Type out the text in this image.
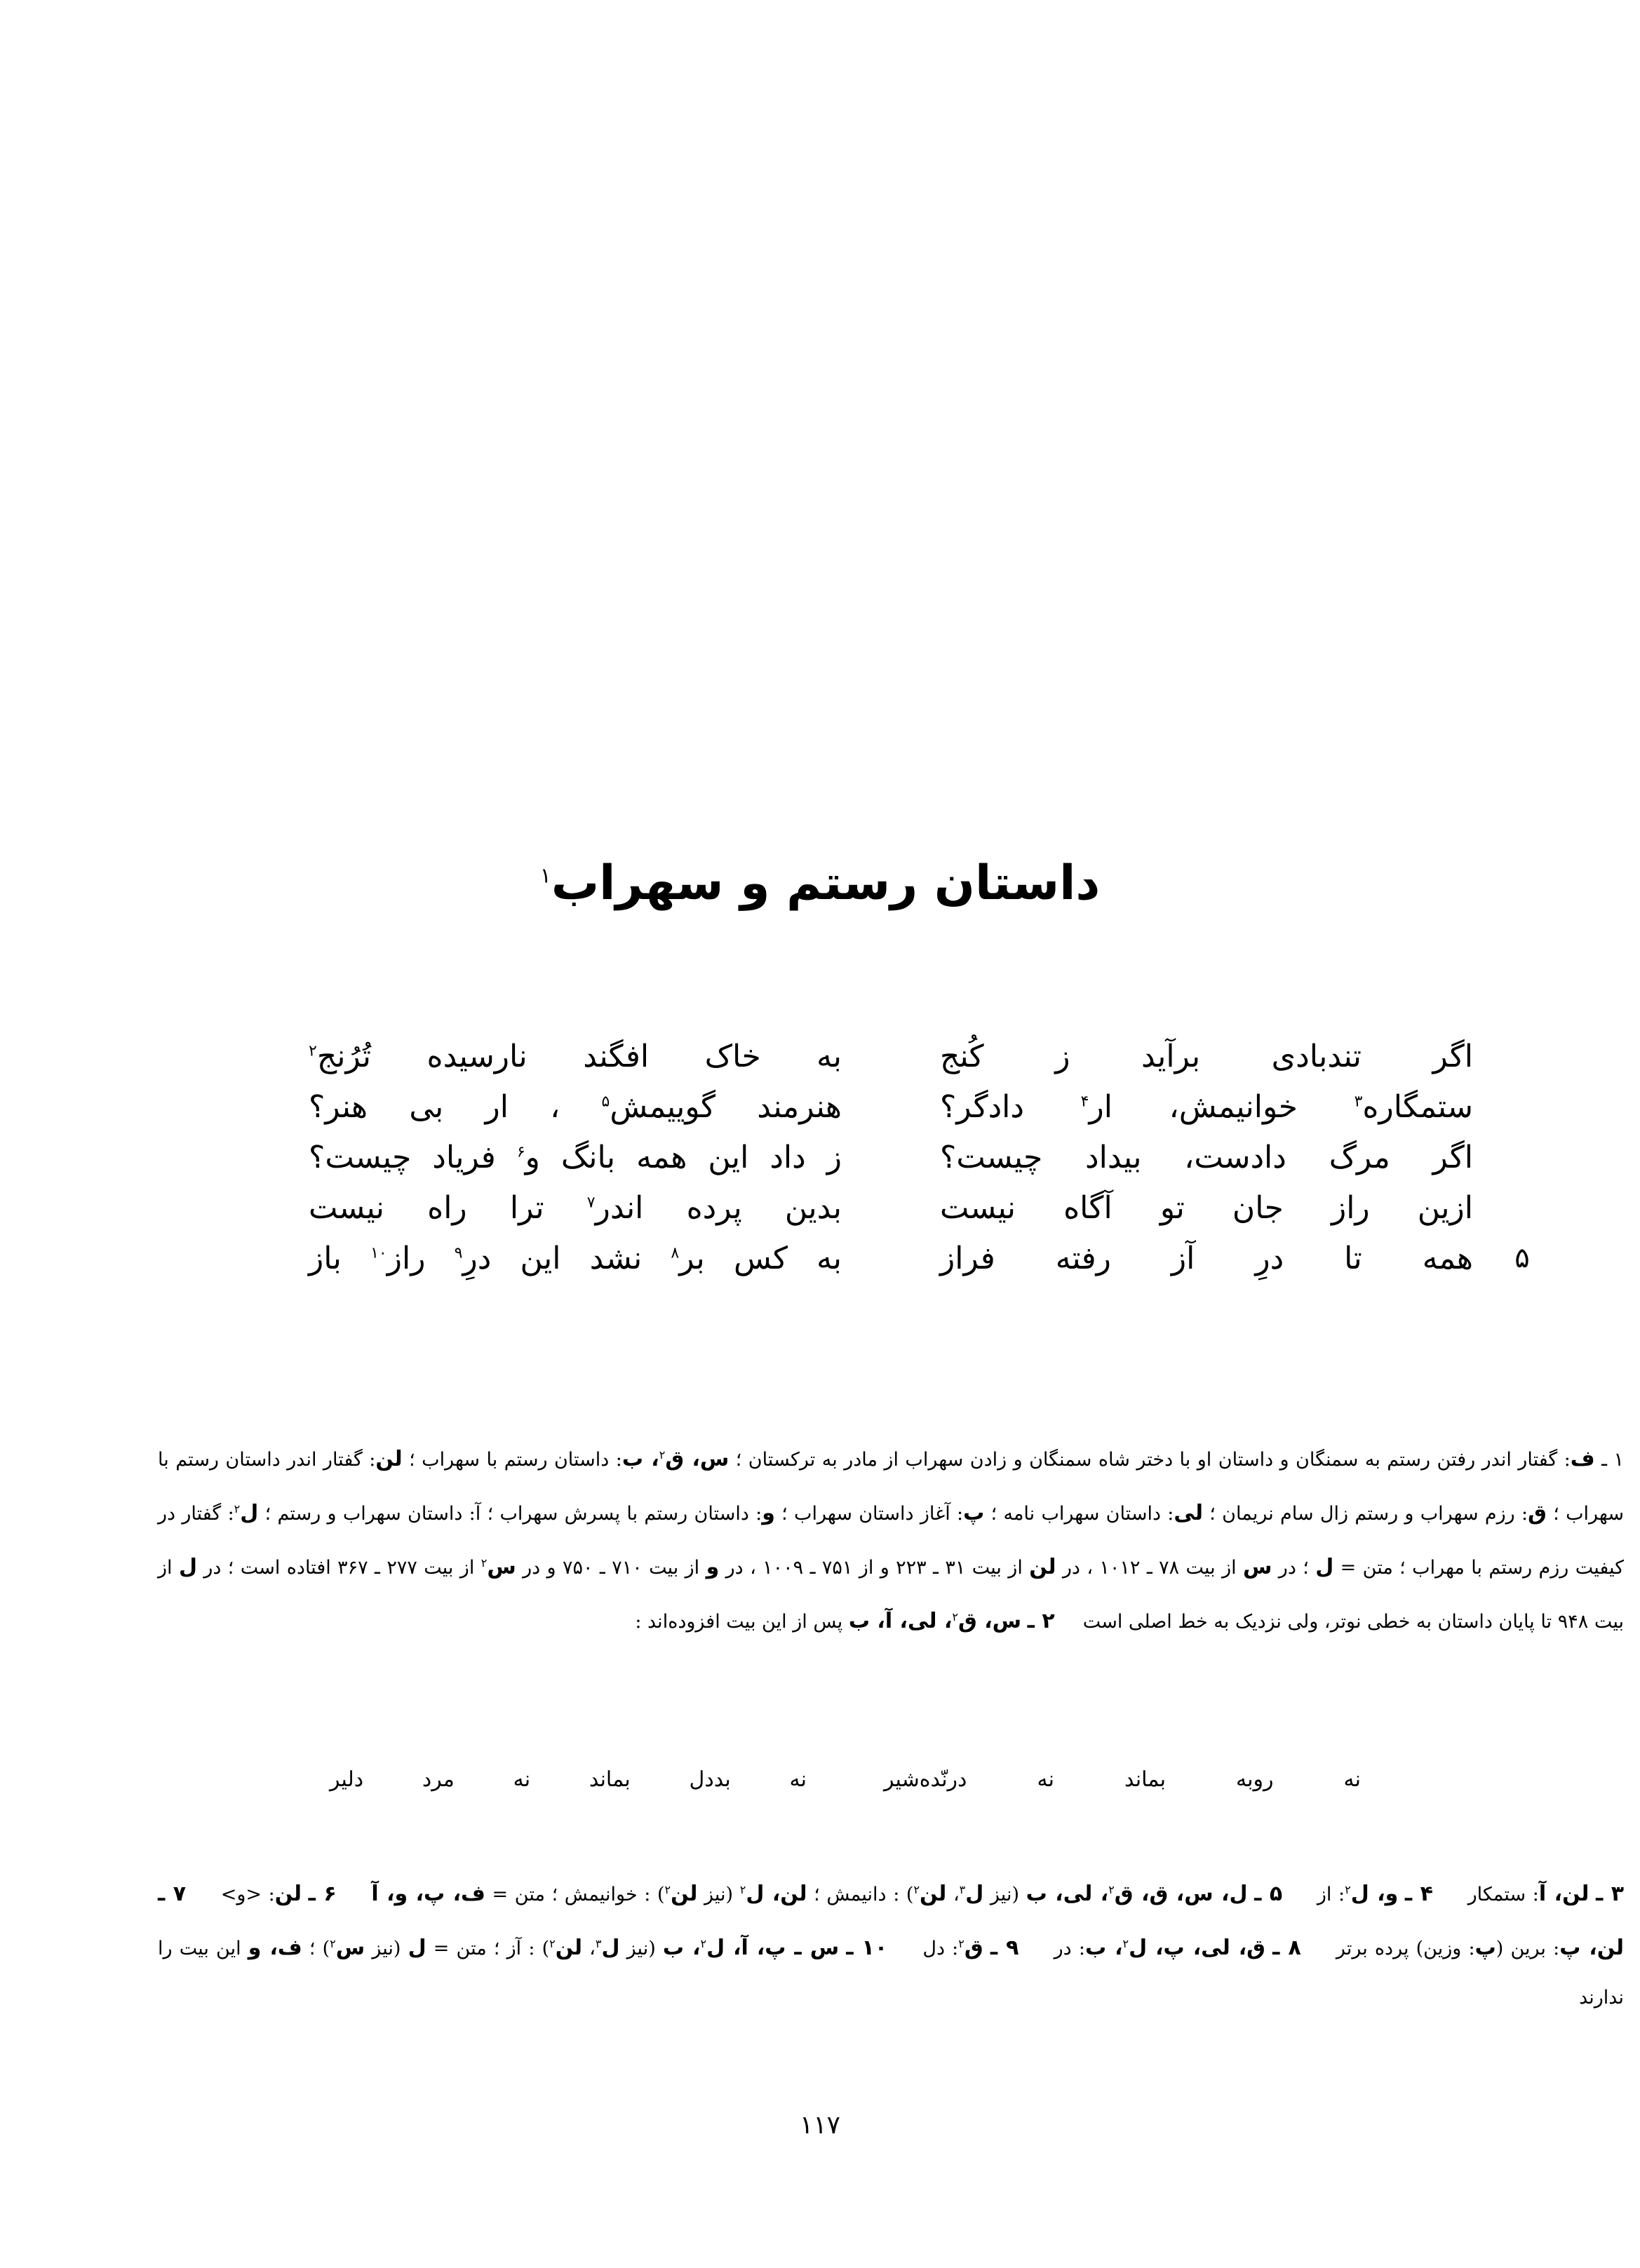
داستان رستم و سهراب$^۱$
اگر تندبادی برآید ز کُنج
به خاک افگند نارسیده تُرُنج$^۲$
ستمگاره$^۳$ خوانیمش، ار$^۴$ دادگر؟
هنرمند گوییمش$^۵$ ، ار بی هنر؟
اگر مرگ دادست، بیداد چیست؟
ز داد این همه بانگ و$^۶$ فریاد چیست؟
ازین راز جان تو آگاه نیست
بدین پرده اندر$^۷$ ترا راه نیست
۵
همه تا درِ آز رفته فراز
به کس بر$^۸$ نشد این درِ$^۹$ راز$^{۱۰}$ باز
۱ ـ ف: گفتار اندر رفتن رستم به سمنگان و داستان او با دختر شاه سمنگان و زادن سهراب از مادر به ترکستان ؛ س، ق$^۲$، ب: داستان رستم با سهراب ؛ لن: گفتار اندر داستان رستم با سهراب ؛ ق: رزم سهراب و رستم زال سام نریمان ؛ لی: داستان سهراب نامه ؛ پ: آغاز داستان سهراب ؛ و: داستان رستم با پسرش سهراب ؛ آ: داستان سهراب و رستم ؛ ل$^۲$: گفتار در کیفیت رزم رستم با مهراب ؛ متن = ل ؛ در س از بیت ۷۸ ـ ۱۰۱۲ ، در لن از بیت ۳۱ ـ ۲۲۳ و از ۷۵۱ ـ ۱۰۰۹ ، در و از بیت ۷۱۰ ـ ۷۵۰ و در س$^۲$ از بیت ۲۷۷ ـ ۳۶۷ افتاده است ؛ در ل از بیت ۹۴۸ تا پایان داستان به خطی نوتر، ولی نزدیک به خط اصلی است۲ ـ س، ق$^۲$، لی، آ، ب پس از این بیت افزوده‌اند :
نه روبه بماند نه درنّده‌شیر
نه بددل بماند نه مرد دلیر
۳ ـ لن، آ: ستمکار ۴ ـ و، ل$^۲$: از ۵ ـ ل، س، ق، ق$^۲$، لی، ب (نیز ل$^۳$، لن$^۲$) : دانیمش ؛ لن، ل$^۲$ (نیز لن$^۲$) : خوانیمش ؛ متن = ف، پ، و، آ ۶ ـ لن: <و> ۷ ـ لن، پ: برین (پ: وزین) پرده برتر ۸ ـ ق، لی، پ، ل$^۲$، ب: در ۹ ـ ق$^۲$: دل ۱۰ ـ س ـ پ، آ، ل$^۲$، ب (نیز ل$^۳$، لن$^۲$) : آز ؛ متن = ل (نیز س$^۲$) ؛ ف، و این بیت را ندارند
۱۱۷
